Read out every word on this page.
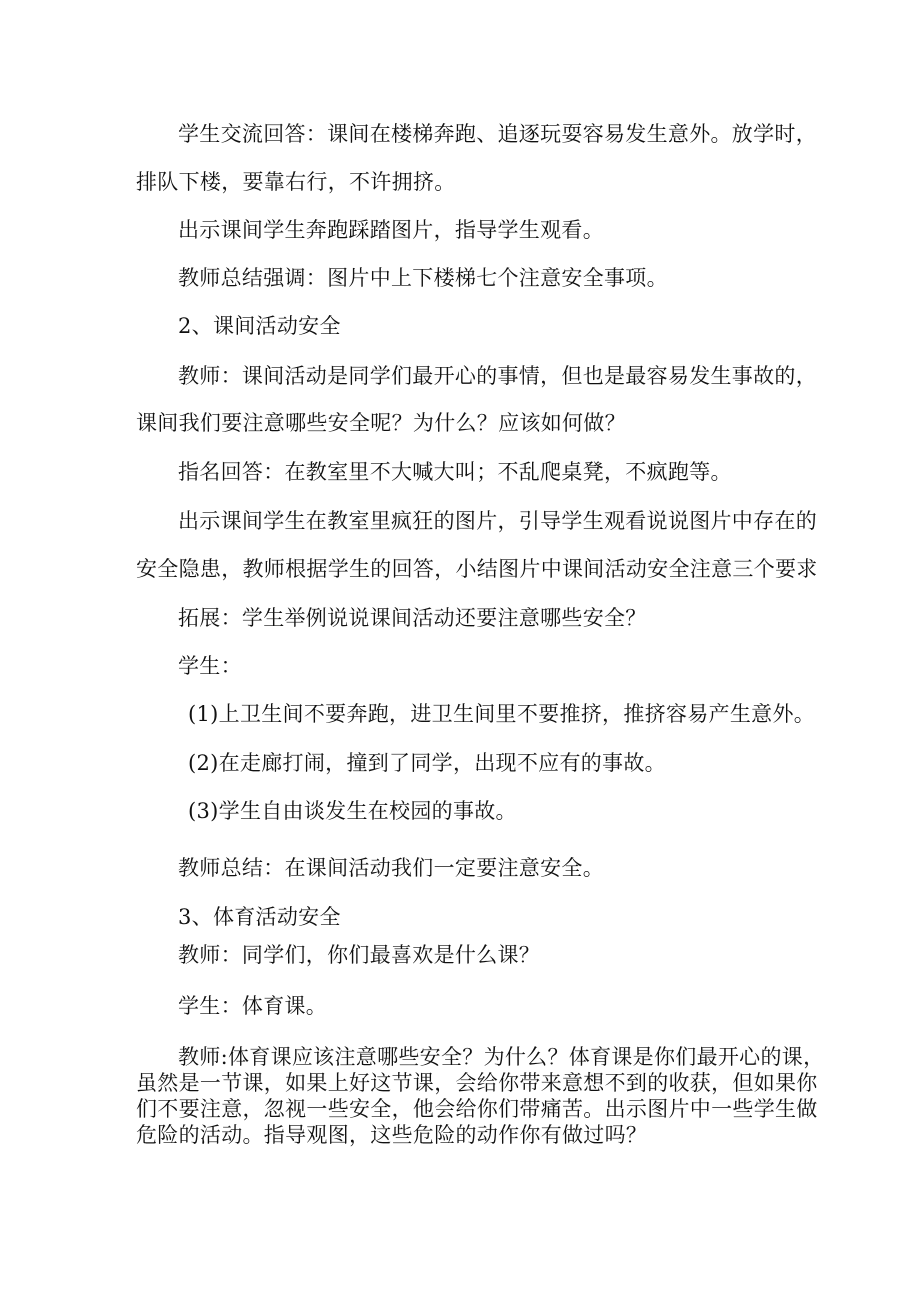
学生交流回答：课间在楼梯奔跑、追逐玩耍容易发生意外。放学时，
排队下楼，要靠右行，不许拥挤。
出示课间学生奔跑踩踏图片，指导学生观看。
教师总结强调：图片中上下楼梯七个注意安全事项。
2、课间活动安全
教师：课间活动是同学们最开心的事情，但也是最容易发生事故的，
课间我们要注意哪些安全呢？为什么？应该如何做？
指名回答：在教室里不大喊大叫；不乱爬桌凳，不疯跑等。
出示课间学生在教室里疯狂的图片，引导学生观看说说图片中存在的
安全隐患，教师根据学生的回答，小结图片中课间活动安全注意三个要求
拓展：学生举例说说课间活动还要注意哪些安全？
学生：
(1)上卫生间不要奔跑，进卫生间里不要推挤，推挤容易产生意外。
(2)在走廊打闹，撞到了同学，出现不应有的事故。
(3)学生自由谈发生在校园的事故。
教师总结：在课间活动我们一定要注意安全。
3、体育活动安全
教师：同学们，你们最喜欢是什么课？
学生：体育课。
教师:体育课应该注意哪些安全？为什么？体育课是你们最开心的课，
虽然是一节课，如果上好这节课，会给你带来意想不到的收获，但如果你
们不要注意，忽视一些安全，他会给你们带痛苦。出示图片中一些学生做
危险的活动。指导观图，这些危险的动作你有做过吗？
